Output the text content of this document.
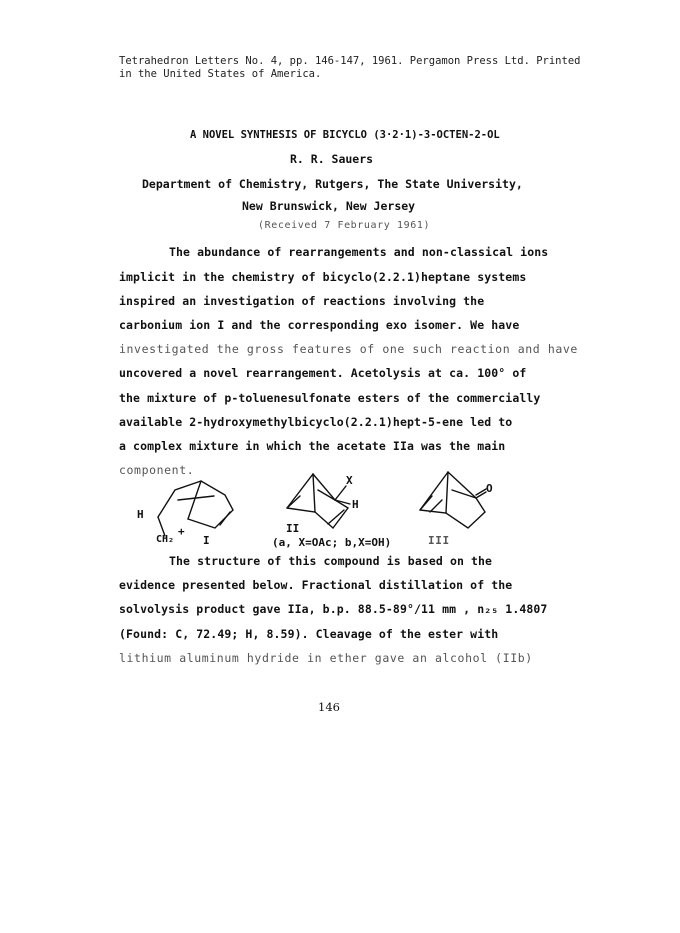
Tetrahedron Letters No. 4, pp. 146-147, 1961. Pergamon Press Ltd. Printed
in the United States of America.
A NOVEL SYNTHESIS OF BICYCLO (3·2·1)-3-OCTEN-2-OL
R. R. Sauers
Department of Chemistry, Rutgers, The State University,
New Brunswick, New Jersey
(Received 7 February 1961)
The abundance of rearrangements and non-classical ions
implicit in the chemistry of bicyclo(2.2.1)heptane systems
inspired an investigation of reactions involving the
carbonium ion I and the corresponding exo isomer. We have
investigated the gross features of one such reaction and have
uncovered a novel rearrangement. Acetolysis at ca. 100° of
the mixture of p-toluenesulfonate esters of the commercially
available 2-hydroxymethylbicyclo(2.2.1)hept-5-ene led to
a complex mixture in which the acetate IIa was the main
component.
H
CH₂
+
I
X
H
II
(a, X=OAc; b,X=OH)
O
III
The structure of this compound is based on the
evidence presented below. Fractional distillation of the
solvolysis product gave IIa, b.p. 88.5-89°/11 mm , n₂₅ 1.4807
(Found: C, 72.49; H, 8.59). Cleavage of the ester with
lithium aluminum hydride in ether gave an alcohol (IIb)
146
